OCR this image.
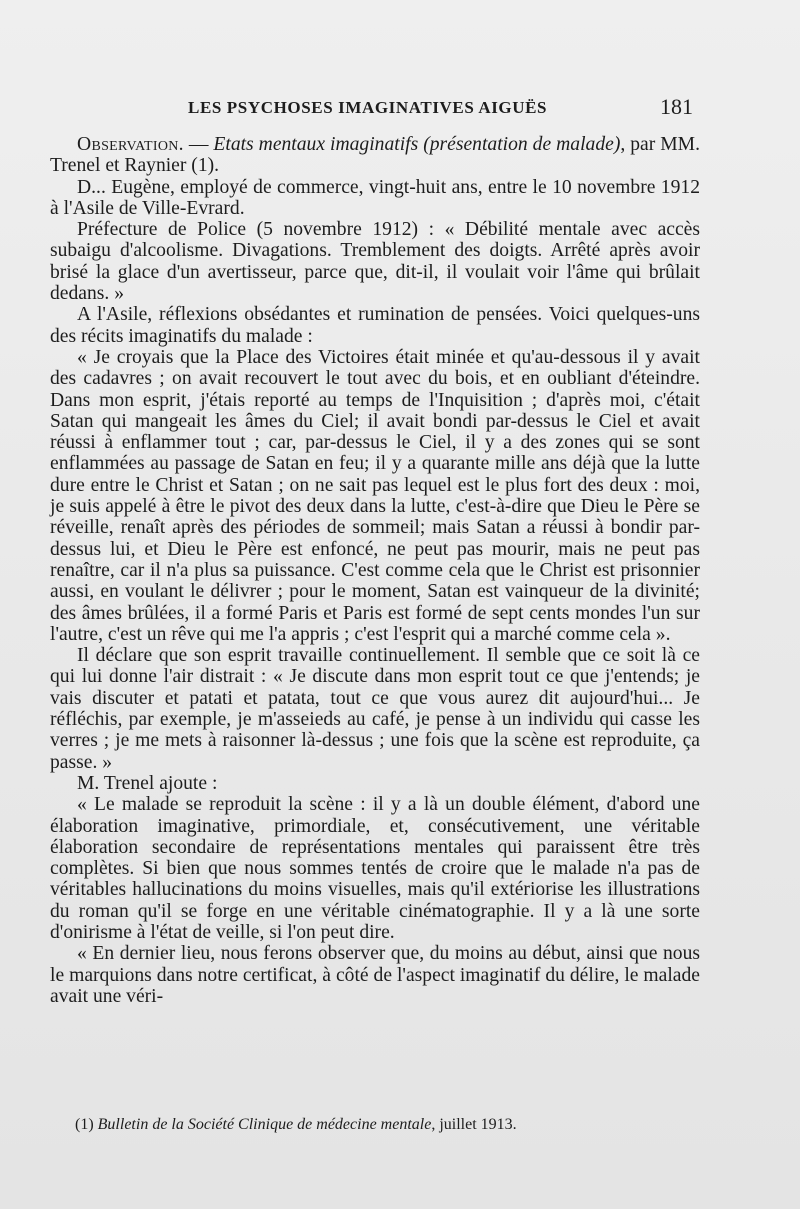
LES PSYCHOSES IMAGINATIVES AIGUËS	181

Observation. — Etats mentaux imaginatifs (présentation de malade), par MM. Trenel et Raynier (1).

D... Eugène, employé de commerce, vingt-huit ans, entre le 10 novembre 1912 à l'Asile de Ville-Evrard.

Préfecture de Police (5 novembre 1912) : « Débilité mentale avec accès subaigu d'alcoolisme. Divagations. Tremblement des doigts. Arrêté après avoir brisé la glace d'un avertisseur, parce que, dit-il, il voulait voir l'âme qui brûlait dedans. »

A l'Asile, réflexions obsédantes et rumination de pensées. Voici quelques-uns des récits imaginatifs du malade :

« Je croyais que la Place des Victoires était minée et qu'au-dessous il y avait des cadavres ; on avait recouvert le tout avec du bois, et en oubliant d'éteindre. Dans mon esprit, j'étais reporté au temps de l'Inquisition ; d'après moi, c'était Satan qui mangeait les âmes du Ciel; il avait bondi par-dessus le Ciel et avait réussi à enflammer tout ; car, par-dessus le Ciel, il y a des zones qui se sont enflammées au passage de Satan en feu; il y a quarante mille ans déjà que la lutte dure entre le Christ et Satan ; on ne sait pas lequel est le plus fort des deux : moi, je suis appelé à être le pivot des deux dans la lutte, c'est-à-dire que Dieu le Père se réveille, renaît après des périodes de sommeil; mais Satan a réussi à bondir par-dessus lui, et Dieu le Père est enfoncé, ne peut pas mourir, mais ne peut pas renaître, car il n'a plus sa puissance. C'est comme cela que le Christ est prisonnier aussi, en voulant le délivrer ; pour le moment, Satan est vainqueur de la divinité; des âmes brûlées, il a formé Paris et Paris est formé de sept cents mondes l'un sur l'autre, c'est un rêve qui me l'a appris ; c'est l'esprit qui a marché comme cela ».

Il déclare que son esprit travaille continuellement. Il semble que ce soit là ce qui lui donne l'air distrait : « Je discute dans mon esprit tout ce que j'entends; je vais discuter et patati et patata, tout ce que vous aurez dit aujourd'hui... Je réfléchis, par exemple, je m'asseieds au café, je pense à un individu qui casse les verres ; je me mets à raisonner là-dessus ; une fois que la scène est reproduite, ça passe. »

M. Trenel ajoute :

« Le malade se reproduit la scène : il y a là un double élément, d'abord une élaboration imaginative, primordiale, et, consécutivement, une véritable élaboration secondaire de représentations mentales qui paraissent être très complètes. Si bien que nous sommes tentés de croire que le malade n'a pas de véritables hallucinations du moins visuelles, mais qu'il extériorise les illustrations du roman qu'il se forge en une véritable cinématographie. Il y a là une sorte d'onirisme à l'état de veille, si l'on peut dire.

« En dernier lieu, nous ferons observer que, du moins au début, ainsi que nous le marquions dans notre certificat, à côté de l'aspect imaginatif du délire, le malade avait une véri-

(1) Bulletin de la Société Clinique de médecine mentale, juillet 1913.
